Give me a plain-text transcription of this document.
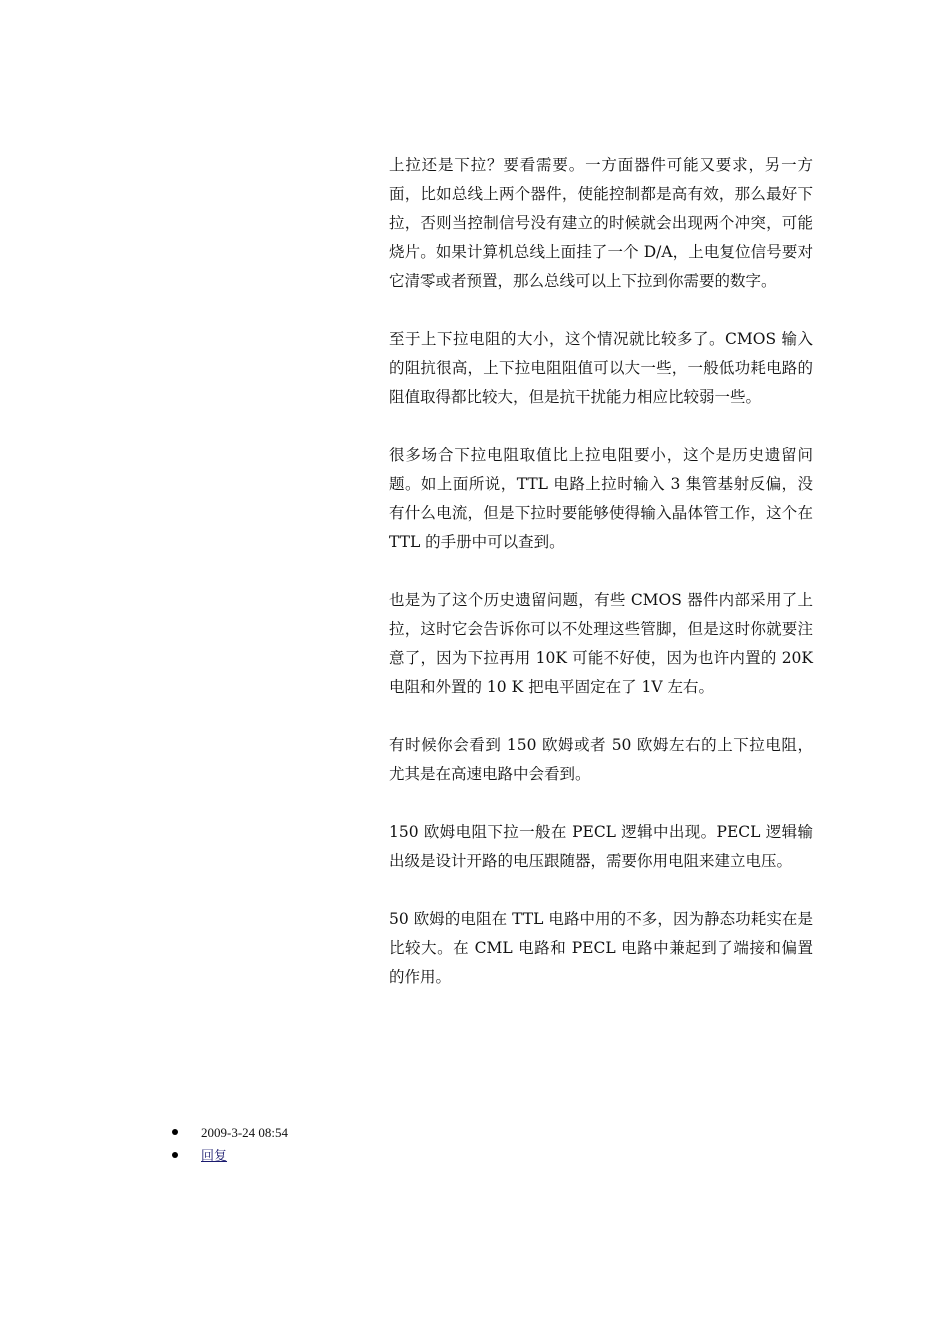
上拉还是下拉？要看需要。一方面器件可能又要求，另一方面，比如总线上两个器件，使能控制都是高有效，那么最好下拉，否则当控制信号没有建立的时候就会出现两个冲突，可能烧片。如果计算机总线上面挂了一个 D/A，上电复位信号要对它清零或者预置，那么总线可以上下拉到你需要的数字。

至于上下拉电阻的大小，这个情况就比较多了。CMOS 输入的阻抗很高，上下拉电阻阻值可以大一些，一般低功耗电路的阻值取得都比较大，但是抗干扰能力相应比较弱一些。

很多场合下拉电阻取值比上拉电阻要小，这个是历史遗留问题。如上面所说，TTL 电路上拉时输入 3 集管基射反偏，没有什么电流，但是下拉时要能够使得输入晶体管工作，这个在 TTL 的手册中可以查到。

也是为了这个历史遗留问题，有些 CMOS 器件内部采用了上拉，这时它会告诉你可以不处理这些管脚，但是这时你就要注意了，因为下拉再用 10K 可能不好使，因为也许内置的 20K 电阻和外置的 10 K 把电平固定在了 1V 左右。

有时候你会看到 150 欧姆或者 50 欧姆左右的上下拉电阻，尤其是在高速电路中会看到。

150 欧姆电阻下拉一般在 PECL 逻辑中出现。PECL 逻辑输出级是设计开路的电压跟随器，需要你用电阻来建立电压。

50 欧姆的电阻在 TTL 电路中用的不多，因为静态功耗实在是比较大。在 CML 电路和 PECL 电路中兼起到了端接和偏置的作用。

2009-3-24 08:54
回复
